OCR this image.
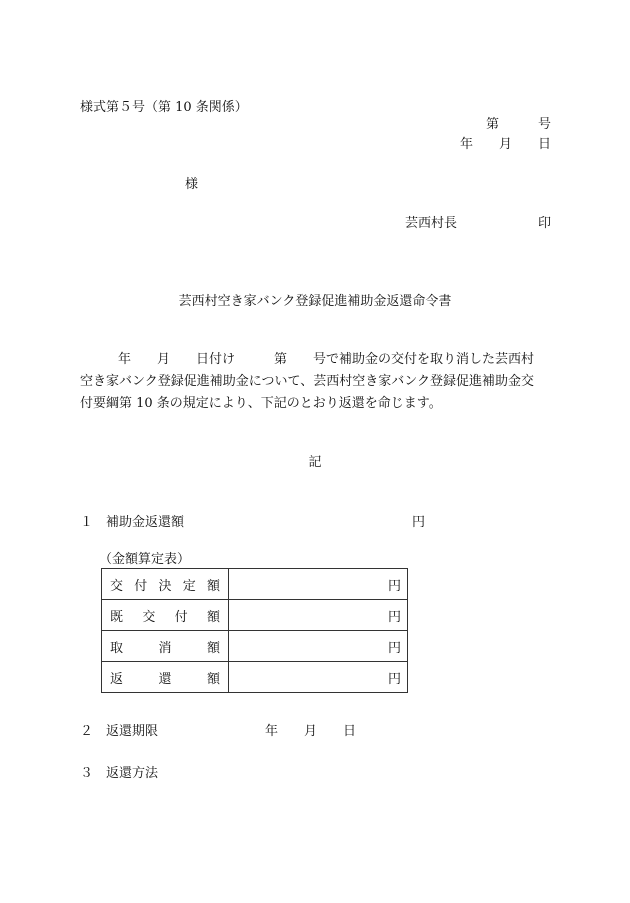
様式第５号（第 10 条関係）
第　　　号
年　　月　　日
様
芸西村長	印
芸西村空き家バンク登録促進補助金返還命令書
年　　月　　日付け　　　第　　号で補助金の交付を取り消した芸西村
空き家バンク登録促進補助金について、芸西村空き家バンク登録促進補助金交
付要綱第 10 条の規定により、下記のとおり返還を命じます。
記
１ 補助金返還額	円
（金額算定表）
交 付 決 定 額	円

既 交 付 額	円

取 消 額	円

返 還 額	円
２ 返還期限	年　　月　　日
３ 返還方法
